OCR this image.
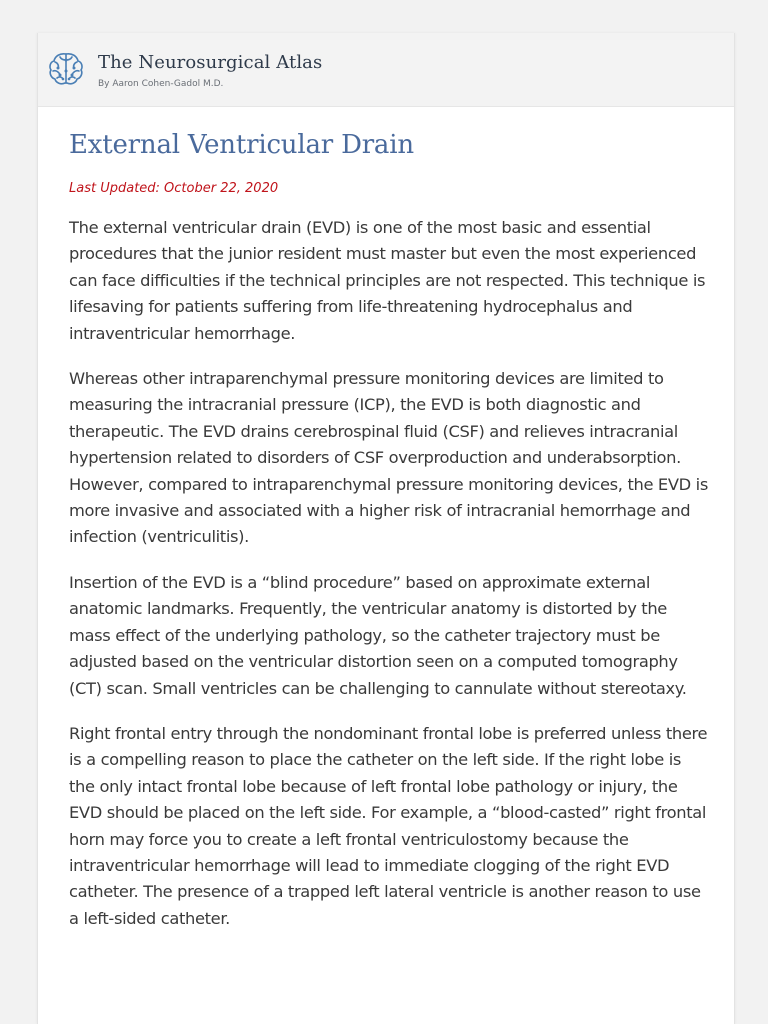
The Neurosurgical Atlas
By Aaron Cohen-Gadol M.D.
External Ventricular Drain
Last Updated: October 22, 2020

The external ventricular drain (EVD) is one of the most basic and essential procedures that the junior resident must master but even the most experienced can face difficulties if the technical principles are not respected. This technique is lifesaving for patients suffering from life-threatening hydrocephalus and intraventricular hemorrhage.

Whereas other intraparenchymal pressure monitoring devices are limited to measuring the intracranial pressure (ICP), the EVD is both diagnostic and therapeutic. The EVD drains cerebrospinal fluid (CSF) and relieves intracranial hypertension related to disorders of CSF overproduction and underabsorption. However, compared to intraparenchymal pressure monitoring devices, the EVD is more invasive and associated with a higher risk of intracranial hemorrhage and infection (ventriculitis).

Insertion of the EVD is a “blind procedure” based on approximate external anatomic landmarks. Frequently, the ventricular anatomy is distorted by the mass effect of the underlying pathology, so the catheter trajectory must be adjusted based on the ventricular distortion seen on a computed tomography (CT) scan. Small ventricles can be challenging to cannulate without stereotaxy.

Right frontal entry through the nondominant frontal lobe is preferred unless there is a compelling reason to place the catheter on the left side. If the right lobe is the only intact frontal lobe because of left frontal lobe pathology or injury, the EVD should be placed on the left side. For example, a “blood-casted” right frontal horn may force you to create a left frontal ventriculostomy because the intraventricular hemorrhage will lead to immediate clogging of the right EVD catheter. The presence of a trapped left lateral ventricle is another reason to use a left-sided catheter.
